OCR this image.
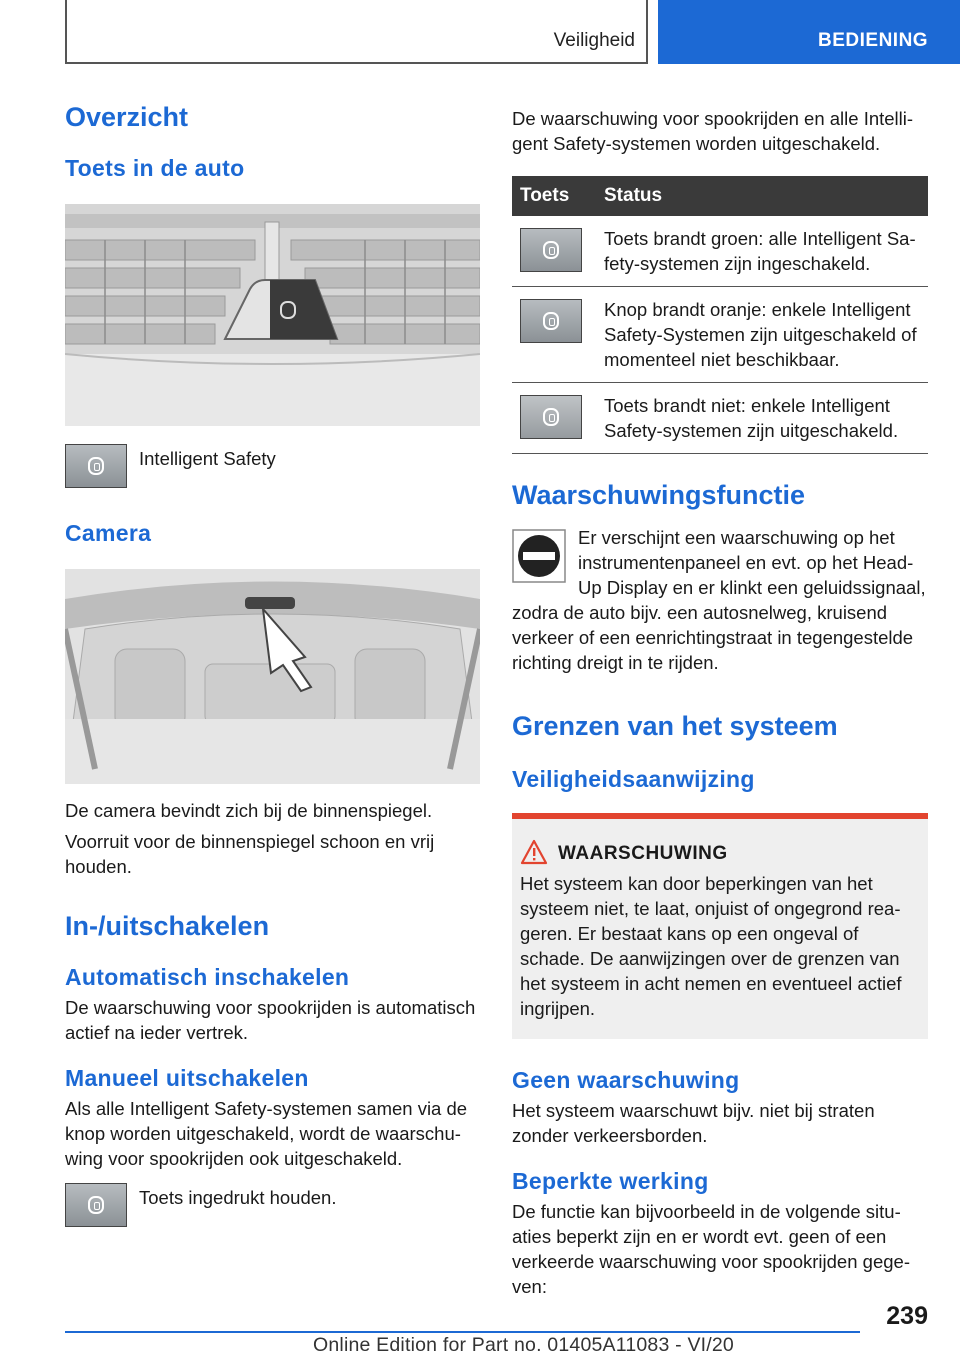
Veiligheid	BEDIENING
Overzicht
Toets in de auto

Intelligent Safety

Camera

De camera bevindt zich bij de binnenspiegel.

Voorruit voor de binnenspiegel schoon en vrij houden.

In-/uitschakelen
Automatisch inschakelen

De waarschuwing voor spookrijden is automatisch actief na ieder vertrek.

Manueel uitschakelen

Als alle Intelligent Safety-systemen samen via de knop worden uitgeschakeld, wordt de waarschuwing voor spookrijden ook uitgeschakeld.

Toets ingedrukt houden.

De waarschuwing voor spookrijden en alle Intelligent Safety-systemen worden uitgeschakeld.

Toets	Status

	Toets brandt groen: alle Intelligent Safety-systemen zijn ingeschakeld.

	Knop brandt oranje: enkele Intelligent Safety-Systemen zijn uitgeschakeld of momenteel niet beschikbaar.

	Toets brandt niet: enkele Intelligent Safety-systemen zijn uitgeschakeld.
Waarschuwingsfunctie

Er verschijnt een waarschuwing op het instrumentenpaneel en evt. op het Head-Up Display en er klinkt een geluidssignaal, zodra de auto bijv. een autosnelweg, kruisend verkeer of een eenrichtingstraat in tegengestelde richting dreigt in te rijden.

Grenzen van het systeem
Veiligheidsaanwijzing
WAARSCHUWING

Het systeem kan door beperkingen van het systeem niet, te laat, onjuist of ongegrond reageren. Er bestaat kans op een ongeval of schade. De aanwijzingen over de grenzen van het systeem in acht nemen en eventueel actief ingrijpen.

Geen waarschuwing

Het systeem waarschuwt bijv. niet bij straten zonder verkeersborden.

Beperkte werking

De functie kan bijvoorbeeld in de volgende situaties beperkt zijn en er wordt evt. geen of een verkeerde waarschuwing voor spookrijden gegeven:

239
Online Edition for Part no. 01405A11083 - VI/20
